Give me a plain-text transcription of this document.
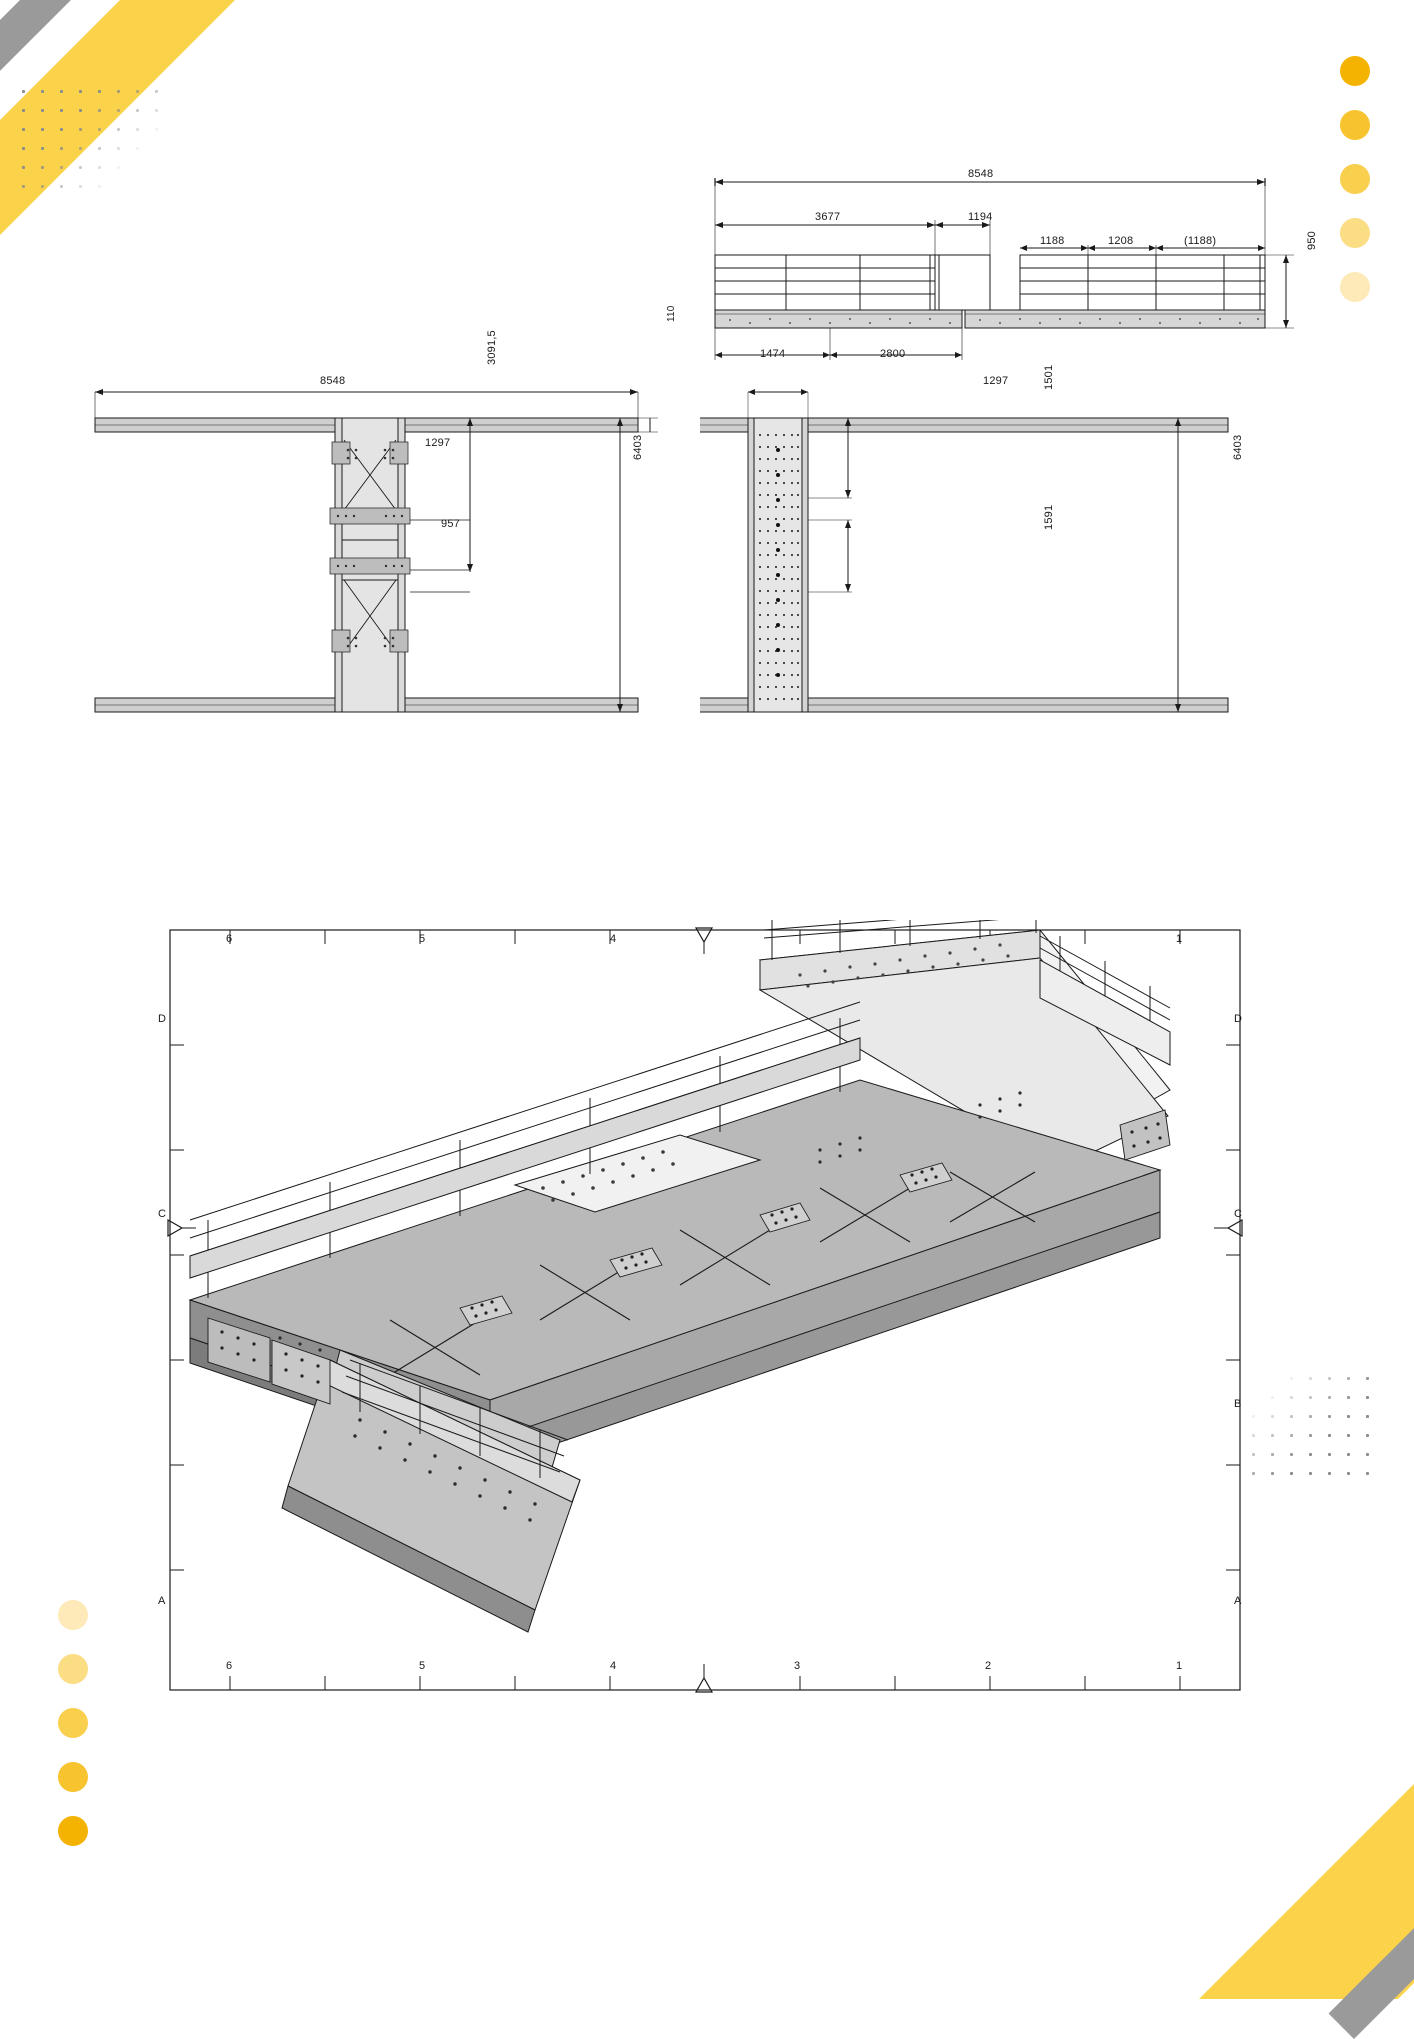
8548
3677	1194
1188	1208	(1188)	950
1474	2800
8548
110
3091,5
1297
957
6403
1297	1501
1591
6403
6	5	4	1
6	5	4	3	2	1
D
C
A
D
C
B
A
